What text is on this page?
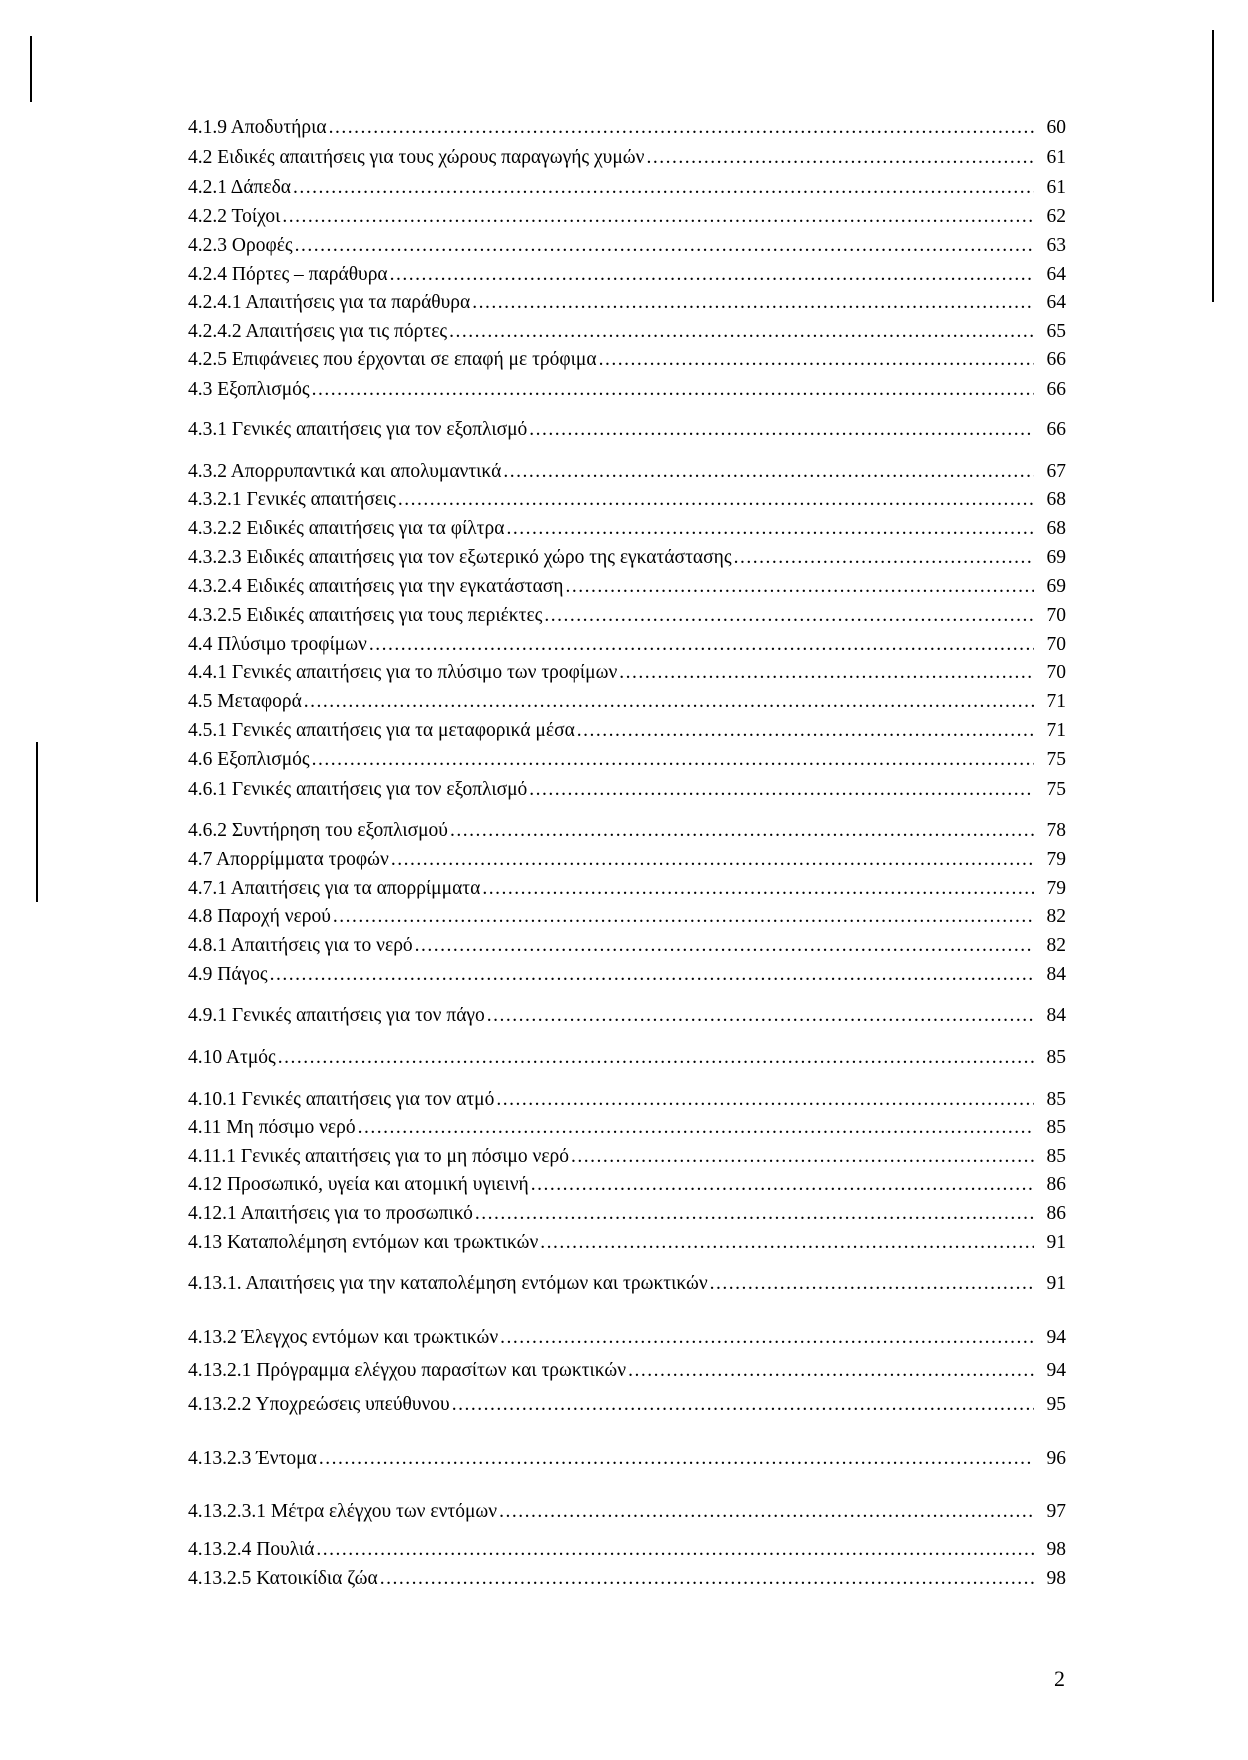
4.1.9 Αποδυτήρια .....	60
4.2 Ειδικές απαιτήσεις για τους χώρους παραγωγής χυμών .....	61
4.2.1 Δάπεδα .....	61
4.2.2 Τοίχοι .....	62
4.2.3 Οροφές .....	63
4.2.4 Πόρτες – παράθυρα .....	64
4.2.4.1 Απαιτήσεις για τα παράθυρα .....	64
4.2.4.2 Απαιτήσεις για τις πόρτες .....	65
4.2.5 Επιφάνειες που έρχονται σε επαφή με τρόφιμα .....	66
4.3 Εξοπλισμός .....	66
4.3.1 Γενικές απαιτήσεις για τον εξοπλισμό .....	66
4.3.2 Απορρυπαντικά και απολυμαντικά .....	67
4.3.2.1 Γενικές απαιτήσεις .....	68
4.3.2.2 Ειδικές απαιτήσεις για τα φίλτρα .....	68
4.3.2.3 Ειδικές απαιτήσεις για τον εξωτερικό χώρο της εγκατάστασης .....	69
4.3.2.4 Ειδικές απαιτήσεις για την εγκατάσταση .....	69
4.3.2.5 Ειδικές απαιτήσεις για τους περιέκτες .....	70
4.4 Πλύσιμο τροφίμων .....	70
4.4.1 Γενικές απαιτήσεις για το πλύσιμο των τροφίμων .....	70
4.5 Μεταφορά .....	71
4.5.1 Γενικές απαιτήσεις για τα μεταφορικά μέσα .....	71
4.6 Εξοπλισμός .....	75
4.6.1 Γενικές απαιτήσεις για τον εξοπλισμό .....	75
4.6.2 Συντήρηση του εξοπλισμού .....	78
4.7 Απορρίμματα τροφών .....	79
4.7.1 Απαιτήσεις για τα απορρίμματα .....	79
4.8 Παροχή νερού .....	82
4.8.1 Απαιτήσεις για το νερό .....	82
4.9 Πάγος .....	84
4.9.1 Γενικές απαιτήσεις για τον πάγο .....	84
4.10 Ατμός .....	85
4.10.1 Γενικές απαιτήσεις για τον ατμό .....	85
4.11 Μη πόσιμο νερό .....	85
4.11.1 Γενικές απαιτήσεις για το μη πόσιμο νερό .....	85
4.12 Προσωπικό, υγεία και ατομική υγιεινή .....	86
4.12.1 Απαιτήσεις για το προσωπικό .....	86
4.13 Καταπολέμηση εντόμων και τρωκτικών .....	91
4.13.1. Απαιτήσεις για την καταπολέμηση εντόμων και τρωκτικών .....	91
4.13.2 Έλεγχος εντόμων και τρωκτικών .....	94
4.13.2.1 Πρόγραμμα ελέγχου παρασίτων και τρωκτικών .....	94
4.13.2.2 Υποχρεώσεις υπεύθυνου .....	95
4.13.2.3 Έντομα .....	96
4.13.2.3.1 Μέτρα ελέγχου των εντόμων .....	97
4.13.2.4 Πουλιά .....	98
4.13.2.5 Κατοικίδια ζώα .....	98
2
